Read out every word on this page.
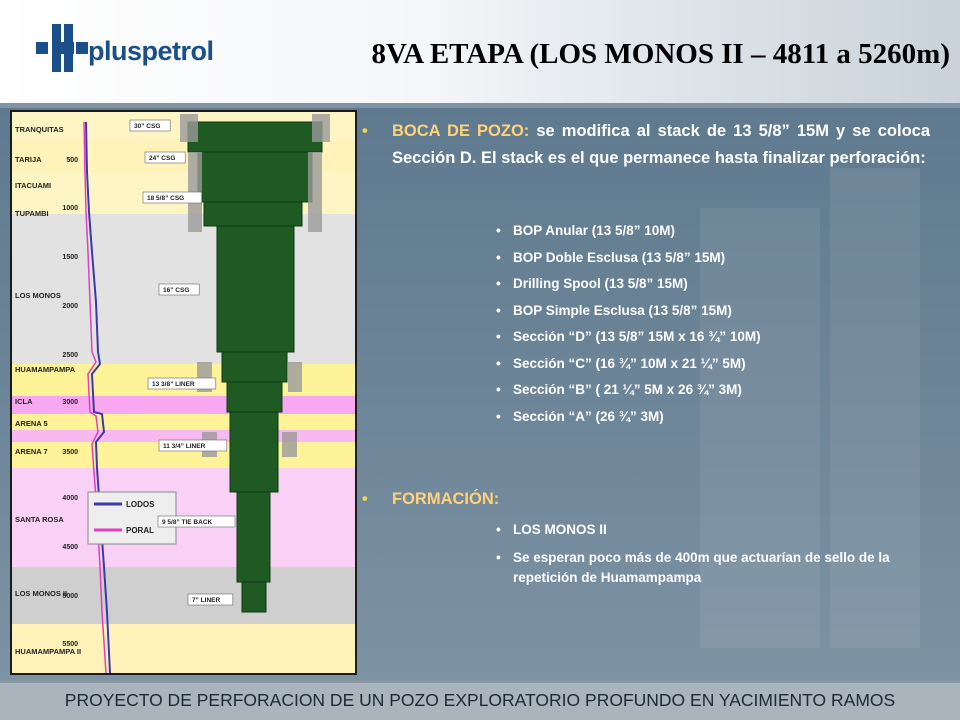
pluspetrol	8VA ETAPA (LOS MONOS II – 4811 a 5260m)
TRANQUITAS
TARIJA
ITACUAMI
TUPAMBI
LOS MONOS
HUAMAMPAMPA
ICLA
ARENA 5
ARENA 7
SANTA ROSA
LOS MONOS II
HUAMAMPAMPA II
500
1000
1500
2000
2500
3000
3500
4000
4500
5000
5500
LODOS
PORAL
30” CSG
24” CSG
18 5/8” CSG
16” CSG
13 3/8” LINER
11 3/4” LINER
9 5/8” TIE BACK
7” LINER
• BOCA DE POZO: se modifica al stack de 13 5/8” 15M y se coloca Sección D. El stack es el que permanece hasta finalizar perforación:
• BOP Anular (13 5/8” 10M)
• BOP Doble Esclusa (13 5/8” 15M)
• Drilling Spool (13 5/8” 15M)
• BOP Simple Esclusa (13 5/8” 15M)
• Sección “D” (13 5/8” 15M x 16 ¾” 10M)
• Sección “C” (16 ¾” 10M x 21 ¼” 5M)
• Sección “B” ( 21 ¼” 5M x 26 ¾” 3M)
• Sección “A” (26 ¾” 3M)
• FORMACIÓN:
• LOS MONOS II
• Se esperan poco más de 400m que actuarían de sello de la repetición de Huamampampa
PROYECTO DE PERFORACION DE UN POZO EXPLORATORIO PROFUNDO EN YACIMIENTO RAMOS
